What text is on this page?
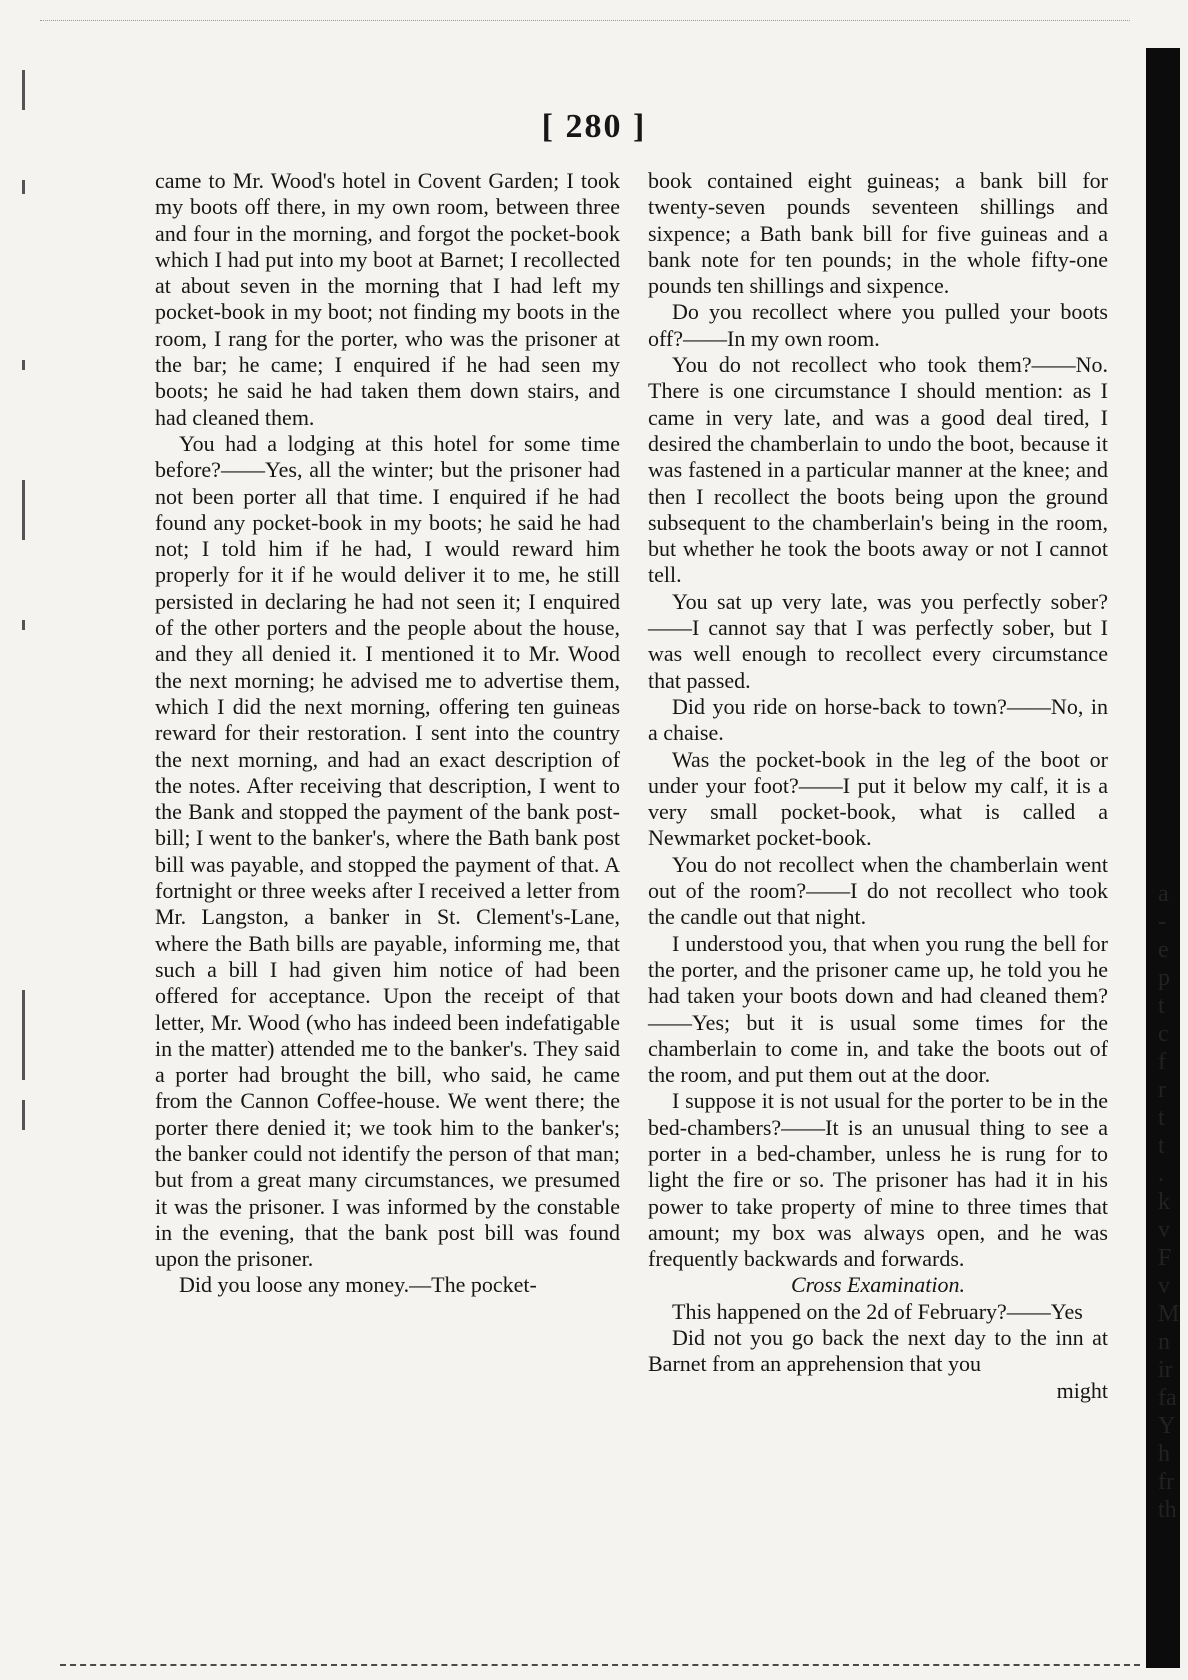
[ 280 ]

came to Mr. Wood's hotel in Covent Garden; I took my boots off there, in my own room, between three and four in the morning, and forgot the pocket-book which I had put into my boot at Barnet; I recollected at about seven in the morning that I had left my pocket-book in my boot; not finding my boots in the room, I rang for the porter, who was the prisoner at the bar; he came; I enquired if he had seen my boots; he said he had taken them down stairs, and had cleaned them.

You had a lodging at this hotel for some time before?——Yes, all the winter; but the prisoner had not been porter all that time. I enquired if he had found any pocket-book in my boots; he said he had not; I told him if he had, I would reward him properly for it if he would deliver it to me, he still persisted in declaring he had not seen it; I enquired of the other porters and the people about the house, and they all denied it. I mentioned it to Mr. Wood the next morning; he advised me to advertise them, which I did the next morning, offering ten guineas reward for their restoration. I sent into the country the next morning, and had an exact description of the notes. After receiving that description, I went to the Bank and stopped the payment of the bank post-bill; I went to the banker's, where the Bath bank post bill was payable, and stopped the payment of that. A fortnight or three weeks after I received a letter from Mr. Langston, a banker in St. Clement's-Lane, where the Bath bills are payable, informing me, that such a bill I had given him notice of had been offered for acceptance. Upon the receipt of that letter, Mr. Wood (who has indeed been indefatigable in the matter) attended me to the banker's. They said a porter had brought the bill, who said, he came from the Cannon Coffee-house. We went there; the porter there denied it; we took him to the banker's; the banker could not identify the person of that man; but from a great many circumstances, we presumed it was the prisoner. I was informed by the constable in the evening, that the bank post bill was found upon the prisoner.

Did you loose any money.—The pocket-

book contained eight guineas; a bank bill for twenty-seven pounds seventeen shillings and sixpence; a Bath bank bill for five guineas and a bank note for ten pounds; in the whole fifty-one pounds ten shillings and sixpence.

Do you recollect where you pulled your boots off?——In my own room.

You do not recollect who took them?——No. There is one circumstance I should mention: as I came in very late, and was a good deal tired, I desired the chamberlain to undo the boot, because it was fastened in a particular manner at the knee; and then I recollect the boots being upon the ground subsequent to the chamberlain's being in the room, but whether he took the boots away or not I cannot tell.

You sat up very late, was you perfectly sober?——I cannot say that I was perfectly sober, but I was well enough to recollect every circumstance that passed.

Did you ride on horse-back to town?——No, in a chaise.

Was the pocket-book in the leg of the boot or under your foot?——I put it below my calf, it is a very small pocket-book, what is called a Newmarket pocket-book.

You do not recollect when the chamberlain went out of the room?——I do not recollect who took the candle out that night.

I understood you, that when you rung the bell for the porter, and the prisoner came up, he told you he had taken your boots down and had cleaned them?——Yes; but it is usual some times for the chamberlain to come in, and take the boots out of the room, and put them out at the door.

I suppose it is not usual for the porter to be in the bed-chambers?——It is an unusual thing to see a porter in a bed-chamber, unless he is rung for to light the fire or so. The prisoner has had it in his power to take property of mine to three times that amount; my box was always open, and he was frequently backwards and forwards.

Cross Examination.

This happened on the 2d of February?——Yes

Did not you go back the next day to the inn at Barnet from an apprehension that you

might

a
-
e
p
t
c
f
r
t
t
.
k
v
F
v
M
n
ir
fa
Y
h
fr
th
